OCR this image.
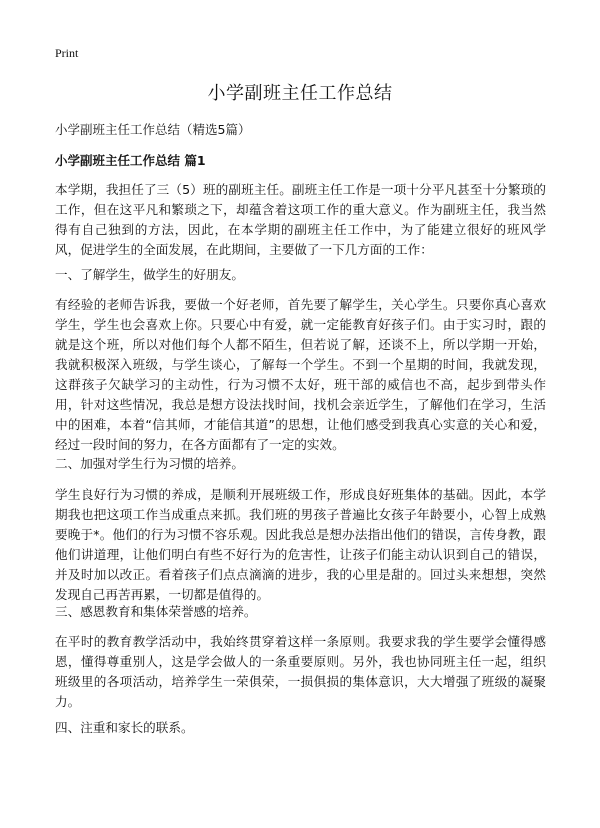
Print
小学副班主任工作总结

小学副班主任工作总结（精选5篇）

小学副班主任工作总结 篇1

本学期，我担任了三（5）班的副班主任。副班主任工作是一项十分平凡甚至十分繁琐的工作，但在这平凡和繁琐之下，却蕴含着这项工作的重大意义。作为副班主任，我当然得有自己独到的方法，因此，在本学期的副班主任工作中，为了能建立很好的班风学风，促进学生的全面发展，在此期间，主要做了一下几方面的工作：

一、了解学生，做学生的好朋友。

有经验的老师告诉我，要做一个好老师，首先要了解学生，关心学生。只要你真心喜欢学生，学生也会喜欢上你。只要心中有爱，就一定能教育好孩子们。由于实习时，跟的就是这个班，所以对他们每个人都不陌生，但若说了解，还谈不上，所以学期一开始，我就积极深入班级，与学生谈心，了解每一个学生。不到一个星期的时间，我就发现，这群孩子欠缺学习的主动性，行为习惯不太好，班干部的威信也不高，起步到带头作用，针对这些情况，我总是想方设法找时间，找机会亲近学生，了解他们在学习，生活中的困难，本着“信其师，才能信其道”的思想，让他们感受到我真心实意的关心和爱，经过一段时间的努力，在各方面都有了一定的实效。

二、加强对学生行为习惯的培养。

学生良好行为习惯的养成，是顺利开展班级工作，形成良好班集体的基础。因此，本学期我也把这项工作当成重点来抓。我们班的男孩子普遍比女孩子年龄要小，心智上成熟要晚于*。他们的行为习惯不容乐观。因此我总是想办法指出他们的错误，言传身教，跟他们讲道理，让他们明白有些不好行为的危害性，让孩子们能主动认识到自己的错误，并及时加以改正。看着孩子们点点滴滴的进步，我的心里是甜的。回过头来想想，突然发现自己再苦再累，一切都是值得的。

三、感恩教育和集体荣誉感的培养。

在平时的教育教学活动中，我始终贯穿着这样一条原则。我要求我的学生要学会懂得感恩，懂得尊重别人，这是学会做人的一条重要原则。另外，我也协同班主任一起，组织班级里的各项活动，培养学生一荣俱荣，一损俱损的集体意识，大大增强了班级的凝聚力。

四、注重和家长的联系。
